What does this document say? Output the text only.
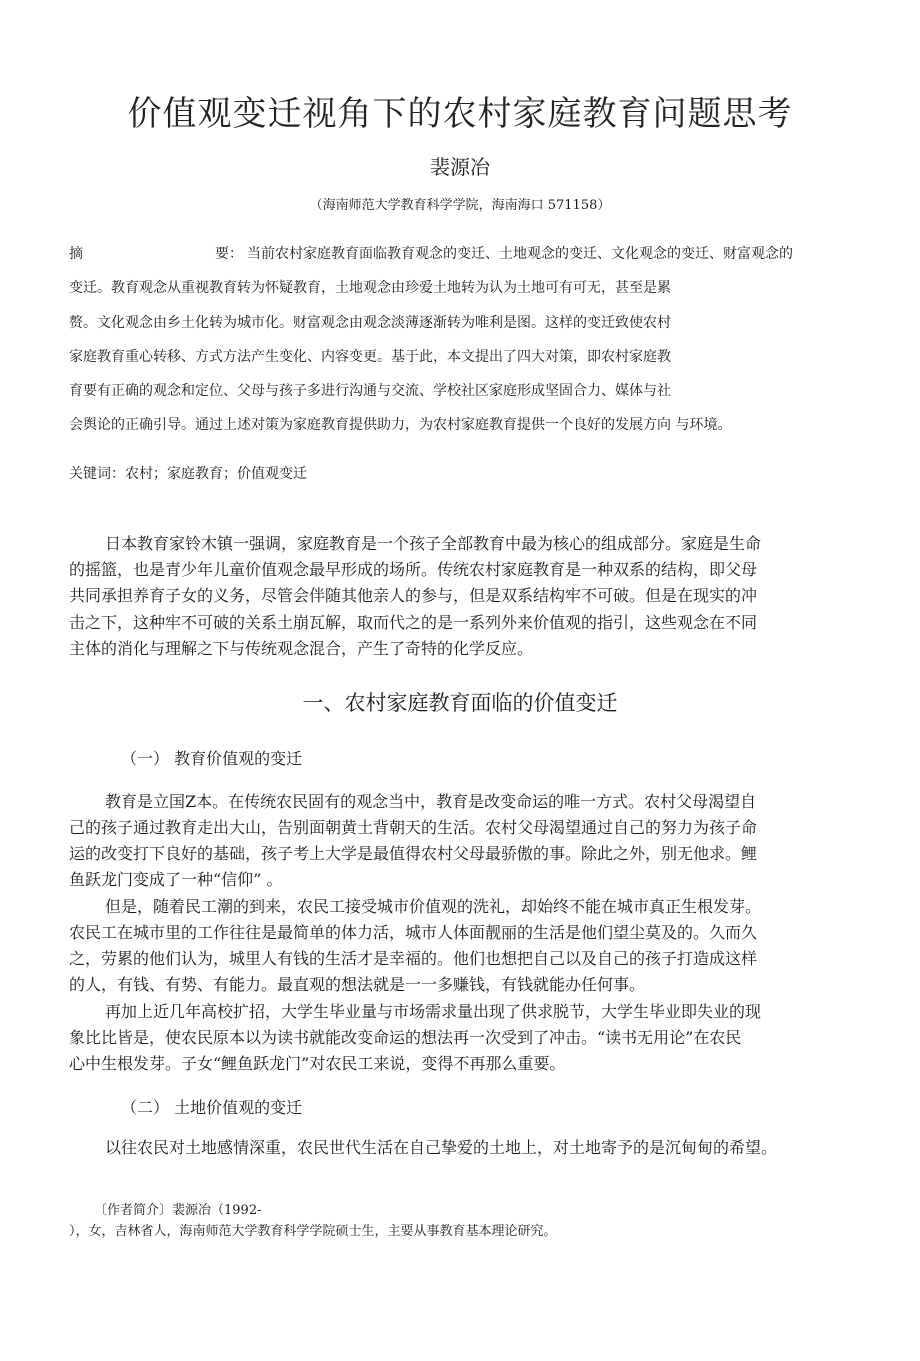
价值观变迁视角下的农村家庭教育问题思考
裴源冶
（海南师范大学教育科学学院，海南海口 571158）
摘	要： 当前农村家庭教育面临教育观念的变迁、土地观念的变迁、文化观念的变迁、财富观念的
变迁。教育观念从重视教育转为怀疑教育，土地观念由珍爱土地转为认为土地可有可无，甚至是累
赘。文化观念由乡土化转为城市化。财富观念由观念淡薄逐渐转为唯利是图。这样的变迁致使农村
家庭教育重心转移、方式方法产生变化、内容变更。基于此，本文提出了四大对策，即农村家庭教
育要有正确的观念和定位、父母与孩子多进行沟通与交流、学校社区家庭形成坚固合力、媒体与社
会舆论的正确引导。通过上述对策为家庭教育提供助力，为农村家庭教育提供一个良好的发展方向 与环境。
关键词：农村；家庭教育；价值观变迁
日本教育家铃木镇一强调，家庭教育是一个孩子全部教育中最为核心的组成部分。家庭是生命
的摇篮，也是青少年儿童价值观念最早形成的场所。传统农村家庭教育是一种双系的结构，即父母
共同承担养育子女的义务，尽管会伴随其他亲人的参与，但是双系结构牢不可破。但是在现实的冲
击之下，这种牢不可破的关系土崩瓦解，取而代之的是一系列外来价值观的指引，这些观念在不同
主体的消化与理解之下与传统观念混合，产生了奇特的化学反应。
一、农村家庭教育面临的价值变迁
（一） 教育价值观的变迁
教育是立国Z本。在传统农民固有的观念当中，教育是改变命运的唯一方式。农村父母渴望自
己的孩子通过教育走出大山，告别面朝黄土背朝天的生活。农村父母渴望通过自己的努力为孩子命
运的改变打下良好的基础，孩子考上大学是最值得农村父母最骄傲的事。除此之外，别无他求。鲤
鱼跃龙门变成了一种“信仰” 。
但是，随着民工潮的到来，农民工接受城市价值观的洗礼，却始终不能在城市真正生根发芽。
农民工在城市里的工作往往是最简单的体力活，城市人体面靓丽的生活是他们望尘莫及的。久而久
之，劳累的他们认为，城里人有钱的生活才是幸福的。他们也想把自己以及自己的孩子打造成这样
的人，有钱、有势、有能力。最直观的想法就是一一多赚钱，有钱就能办任何事。
再加上近几年高校扩招，大学生毕业量与市场需求量出现了供求脱节，大学生毕业即失业的现
象比比皆是，使农民原本以为读书就能改变命运的想法再一次受到了冲击。“读书无用论”在农民
心中生根发芽。子女“鲤鱼跃龙门”对农民工来说，变得不再那么重要。
（二） 土地价值观的变迁
以往农民对土地感情深重，农民世代生活在自己挚爱的土地上，对土地寄予的是沉甸甸的希望。
〔作者简介〕裴源冶（1992-
），女，吉林省人，海南师范大学教育科学学院硕士生，主要从事教育基本理论研究。
